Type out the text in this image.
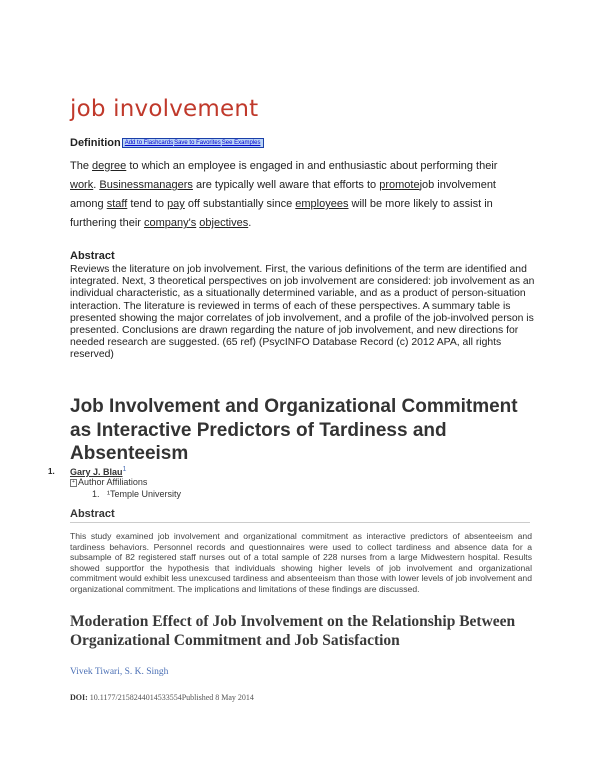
job involvement
Definition Add to FlashcardsSave to FavoritesSee Examples
The degree to which an employee is engaged in and enthusiastic about performing their work. Businessmanagers are typically well aware that efforts to promotejob involvement among staff tend to pay off substantially since employees will be more likely to assist in furthering their company's objectives.
Abstract
Reviews the literature on job involvement. First, the various definitions of the term are identified and integrated. Next, 3 theoretical perspectives on job involvement are considered: job involvement as an individual characteristic, as a situationally determined variable, and as a product of person-situation interaction. The literature is reviewed in terms of each of these perspectives. A summary table is presented showing the major correlates of job involvement, and a profile of the job-involved person is presented. Conclusions are drawn regarding the nature of job involvement, and new directions for needed research are suggested. (65 ref) (PsycINFO Database Record (c) 2012 APA, all rights reserved)
Job Involvement and Organizational Commitment as Interactive Predictors of Tardiness and Absenteeism
1. Gary J. Blau$^1$
+ Author Affiliations
1.   ¹Temple University
Abstract
This study examined job involvement and organizational commitment as interactive predictors of absenteeism and tardiness behaviors. Personnel records and questionnaires were used to collect tardiness and absence data for a subsample of 82 registered staff nurses out of a total sample of 228 nurses from a large Midwestern hospital. Results showed supportfor the hypothesis that individuals showing higher levels of job involvement and organizational commitment would exhibit less unexcused tardiness and absenteeism than those with lower levels of job involvement and organizational commitment. The implications and limitations of these findings are discussed.
Moderation Effect of Job Involvement on the Relationship Between Organizational Commitment and Job Satisfaction
Vivek Tiwari, S. K. Singh
DOI: 10.1177/2158244014533554Published 8 May 2014
